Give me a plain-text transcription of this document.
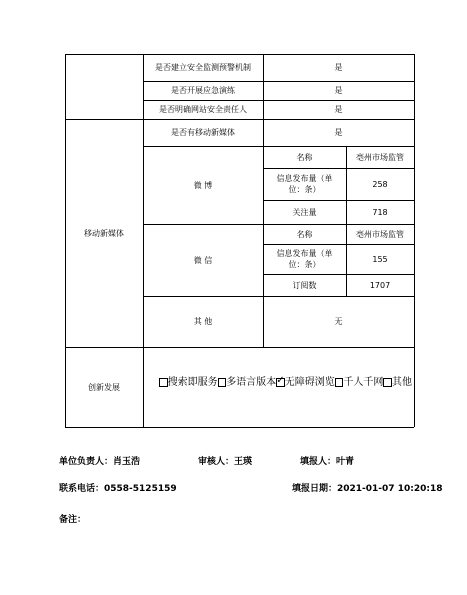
是否建立安全监测预警机制	是
是否开展应急演练	是
是否明确网站安全责任人	是
移动新媒体
是否有移动新媒体	是
微 博
名称	亳州市场监管
信息发布量（单位：条）
258
关注量	718
微 信
名称	亳州市场监管
信息发布量（单位：条）
155
订阅数	1707
其 他	无
创新发展	搜索即服务 多语言版本
✓ 无障碍浏览 千人千网 其他
单位负责人：肖玉浩	审核人：王瑛	填报人：叶青
联系电话：0558-5125159	填报日期：2021-01-07 10:20:18
备注：
